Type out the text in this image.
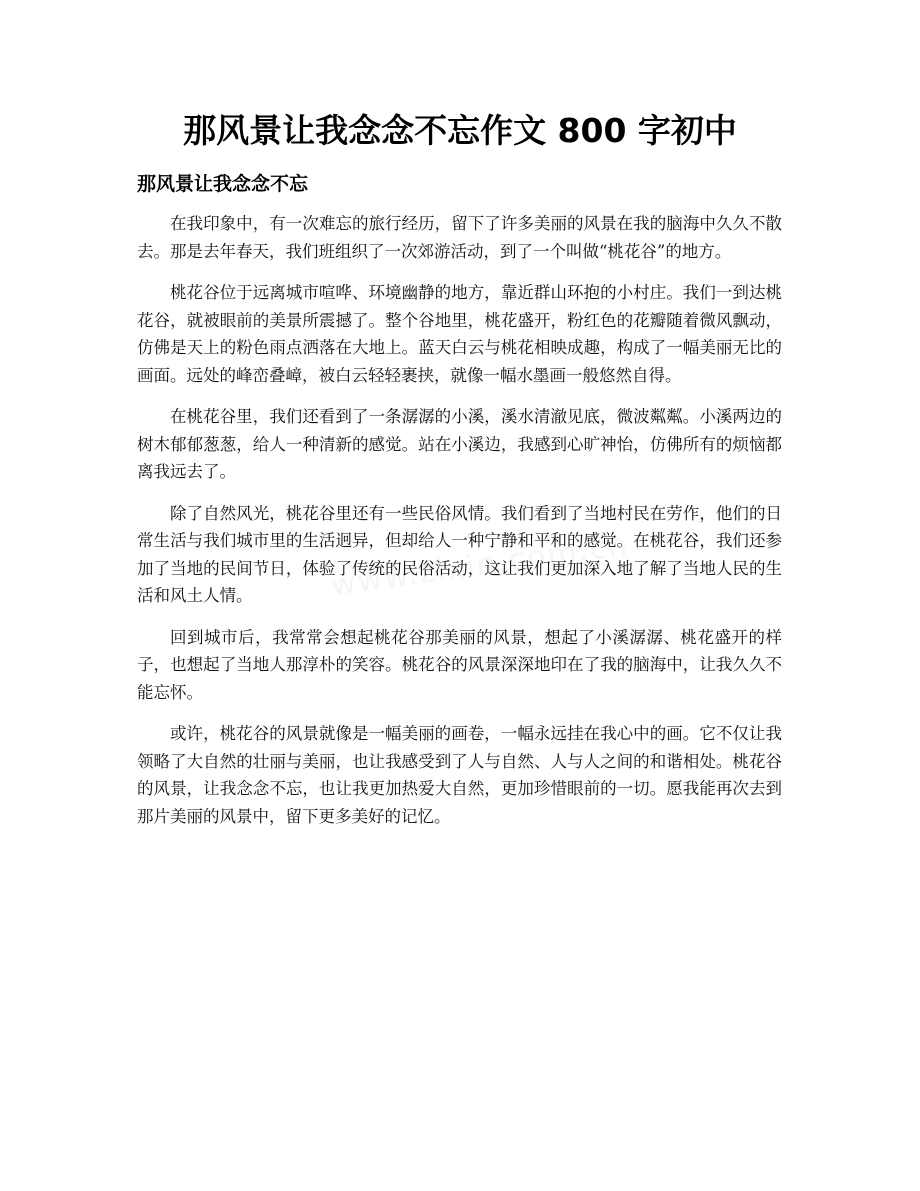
那风景让我念念不忘作文 800 字初中
那风景让我念念不忘

在我印象中，有一次难忘的旅行经历，留下了许多美丽的风景在我的脑海中久久不散去。那是去年春天，我们班组织了一次郊游活动，到了一个叫做“桃花谷”的地方。

桃花谷位于远离城市喧哗、环境幽静的地方，靠近群山环抱的小村庄。我们一到达桃花谷，就被眼前的美景所震撼了。整个谷地里，桃花盛开，粉红色的花瓣随着微风飘动，仿佛是天上的粉色雨点洒落在大地上。蓝天白云与桃花相映成趣，构成了一幅美丽无比的画面。远处的峰峦叠嶂，被白云轻轻裹挟，就像一幅水墨画一般悠然自得。

在桃花谷里，我们还看到了一条潺潺的小溪，溪水清澈见底，微波粼粼。小溪两边的树木郁郁葱葱，给人一种清新的感觉。站在小溪边，我感到心旷神怡，仿佛所有的烦恼都离我远去了。

除了自然风光，桃花谷里还有一些民俗风情。我们看到了当地村民在劳作，他们的日常生活与我们城市里的生活迥异，但却给人一种宁静和平和的感觉。在桃花谷，我们还参加了当地的民间节日，体验了传统的民俗活动，这让我们更加深入地了解了当地人民的生活和风土人情。

回到城市后，我常常会想起桃花谷那美丽的风景，想起了小溪潺潺、桃花盛开的样子，也想起了当地人那淳朴的笑容。桃花谷的风景深深地印在了我的脑海中，让我久久不能忘怀。

或许，桃花谷的风景就像是一幅美丽的画卷，一幅永远挂在我心中的画。它不仅让我领略了大自然的壮丽与美丽，也让我感受到了人与自然、人与人之间的和谐相处。桃花谷的风景，让我念念不忘，也让我更加热爱大自然，更加珍惜眼前的一切。愿我能再次去到那片美丽的风景中，留下更多美好的记忆。
